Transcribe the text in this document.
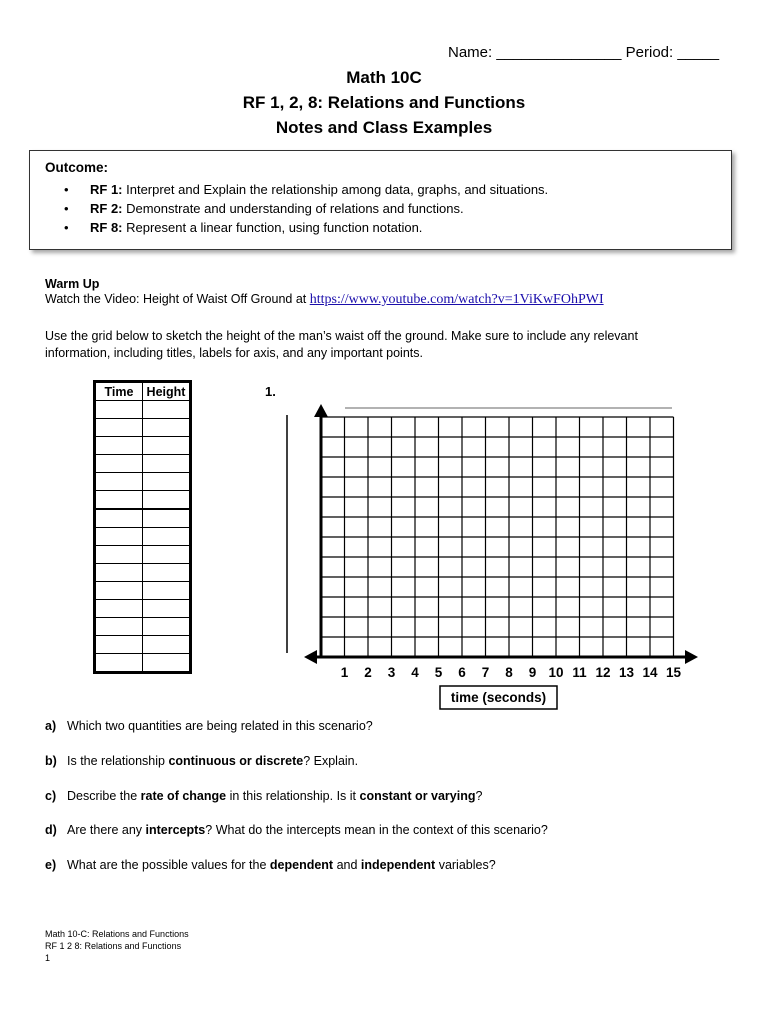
Name: _______________ Period: _____
Math 10C
RF 1, 2, 8: Relations and Functions
Notes and Class Examples
Outcome:
• RF 1: Interpret and Explain the relationship among data, graphs, and situations.
• RF 2: Demonstrate and understanding of relations and functions.
• RF 8: Represent a linear function, using function notation.
Warm Up
Watch the Video: Height of Waist Off Ground at https://www.youtube.com/watch?v=1ViKwFOhPWI
Use the grid below to sketch the height of the man’s waist off the ground. Make sure to include any relevant
information, including titles, labels for axis, and any important points.
Time	Height

		1.
1 2 3 4 5 6 7 8 9 10 11 12 13 14 15
time (seconds)
a) Which two quantities are being related in this scenario?
b) Is the relationship continuous or discrete? Explain.
c) Describe the rate of change in this relationship. Is it constant or varying?
d) Are there any intercepts? What do the intercepts mean in the context of this scenario?
e) What are the possible values for the dependent and independent variables?
Math 10-C: Relations and Functions
RF 1 2 8: Relations and Functions
1
